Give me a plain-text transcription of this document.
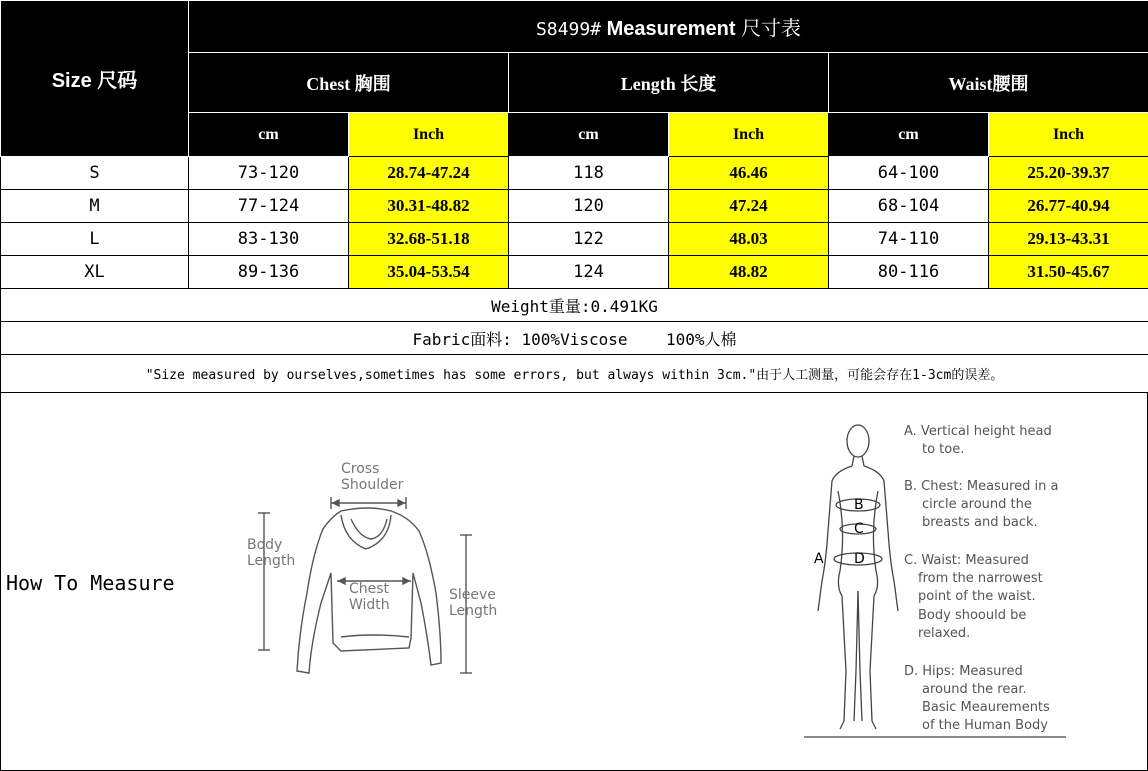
Size 尺码	S8499# Measurement 尺寸表					
	Chest 胸围		Length 长度		Waist腰围	
	cm	Inch	cm	Inch	cm	Inch
S	73-120	28.74-47.24	118	46.46	64-100	25.20-39.37
M	77-124	30.31-48.82	120	47.24	68-104	26.77-40.94
L	83-130	32.68-51.18	122	48.03	74-110	29.13-43.31
XL	89-136	35.04-53.54	124	48.82	80-116	31.50-45.67
Weight重量:0.491KG						
Fabric面料: 100%Viscose    100%人棉						
"Size measured by ourselves,sometimes has some errors, but always within 3cm."由于人工测量，可能会存在1-3cm的误差。						
How To Measure
Cross
Shoulder
Body
Length
Chest
Width
Sleeve
Length
B
C
D
A
A. Vertical height head
to toe.
B. Chest: Measured in a
circle around the
breasts and back.
C. Waist: Measured
from the narrowest
point of the waist.
Body shoould be
relaxed.
D. Hips: Measured
around the rear.
Basic Meaurements
of the Human Body
